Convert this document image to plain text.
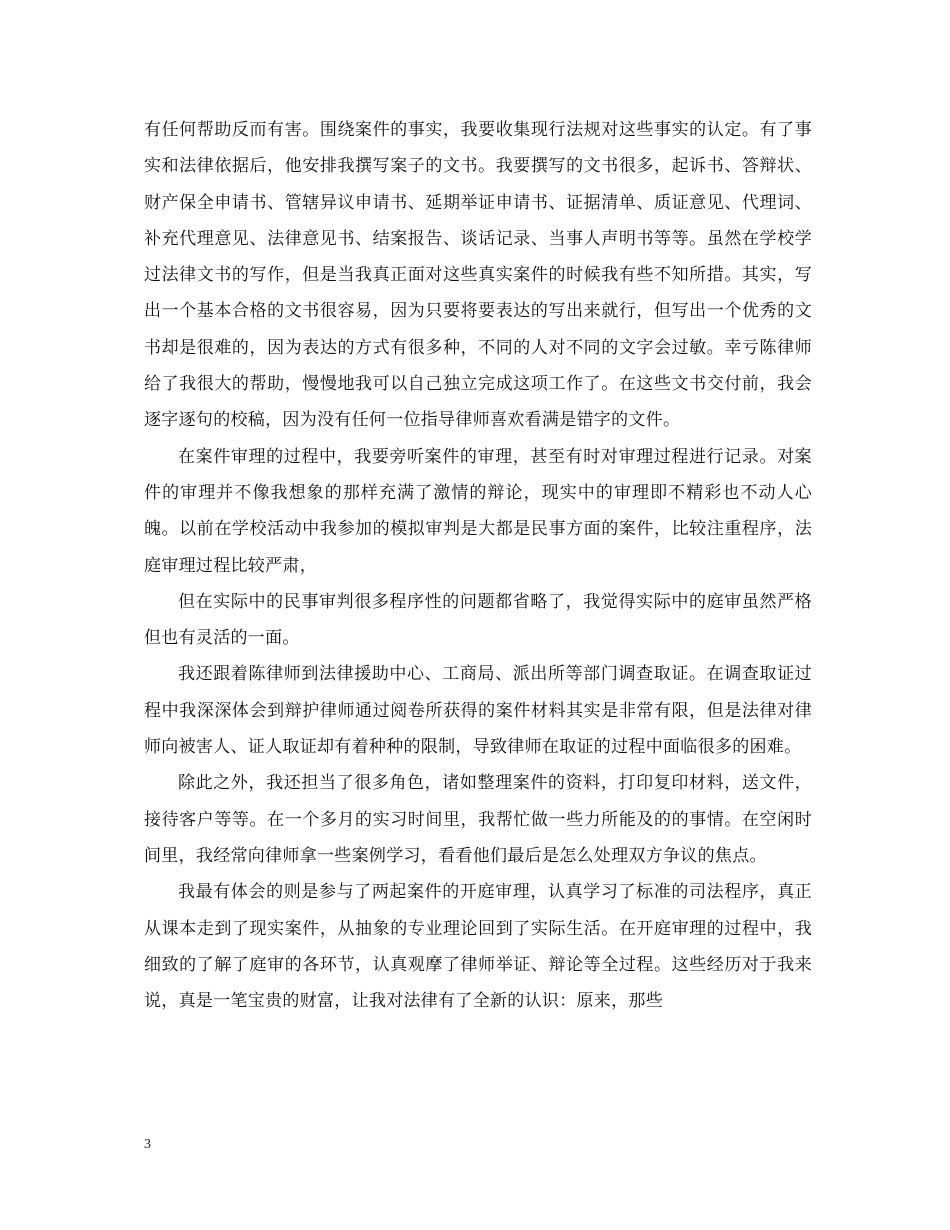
有任何帮助反而有害。围绕案件的事实，我要收集现行法规对这些事实的认定。有了事实和法律依据后，他安排我撰写案子的文书。我要撰写的文书很多，起诉书、答辩状、财产保全申请书、管辖异议申请书、延期举证申请书、证据清单、质证意见、代理词、补充代理意见、法律意见书、结案报告、谈话记录、当事人声明书等等。虽然在学校学过法律文书的写作，但是当我真正面对这些真实案件的时候我有些不知所措。其实，写出一个基本合格的文书很容易，因为只要将要表达的写出来就行，但写出一个优秀的文书却是很难的，因为表达的方式有很多种，不同的人对不同的文字会过敏。幸亏陈律师给了我很大的帮助，慢慢地我可以自己独立完成这项工作了。在这些文书交付前，我会逐字逐句的校稿，因为没有任何一位指导律师喜欢看满是错字的文件。

在案件审理的过程中，我要旁听案件的审理，甚至有时对审理过程进行记录。对案件的审理并不像我想象的那样充满了激情的辩论，现实中的审理即不精彩也不动人心魄。以前在学校活动中我参加的模拟审判是大都是民事方面的案件，比较注重程序，法庭审理过程比较严肃，

但在实际中的民事审判很多程序性的问题都省略了，我觉得实际中的庭审虽然严格但也有灵活的一面。

我还跟着陈律师到法律援助中心、工商局、派出所等部门调查取证。在调查取证过程中我深深体会到辩护律师通过阅卷所获得的案件材料其实是非常有限，但是法律对律师向被害人、证人取证却有着种种的限制，导致律师在取证的过程中面临很多的困难。

除此之外，我还担当了很多角色，诸如整理案件的资料，打印复印材料，送文件，接待客户等等。在一个多月的实习时间里，我帮忙做一些力所能及的的事情。在空闲时间里，我经常向律师拿一些案例学习，看看他们最后是怎么处理双方争议的焦点。

我最有体会的则是参与了两起案件的开庭审理，认真学习了标准的司法程序，真正从课本走到了现实案件，从抽象的专业理论回到了实际生活。在开庭审理的过程中，我细致的了解了庭审的各环节，认真观摩了律师举证、辩论等全过程。这些经历对于我来说，真是一笔宝贵的财富，让我对法律有了全新的认识：原来，那些

3
